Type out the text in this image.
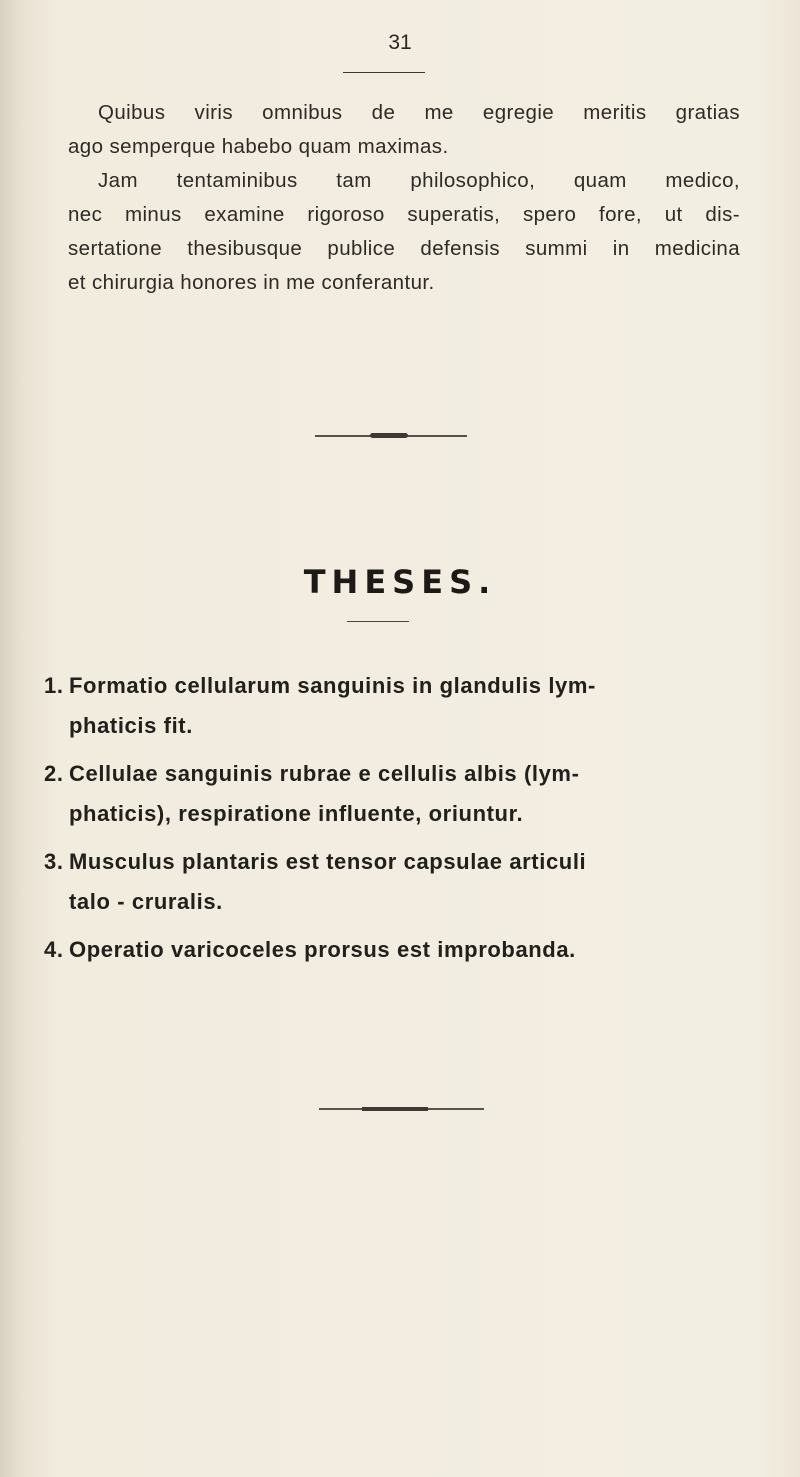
31
Quibus viris omnibus de me egregie meritis gratias
ago semperque habebo quam maximas.
Jam tentaminibus tam philosophico, quam medico,
nec minus examine rigoroso superatis, spero fore, ut dis-
sertatione thesibusque publice defensis summi in medicina
et chirurgia honores in me conferantur.
THESES.
1. Formatio cellularum sanguinis in glandulis lym-
phaticis fit.
2. Cellulae sanguinis rubrae e cellulis albis (lym-
phaticis), respiratione influente, oriuntur.
3. Musculus plantaris est tensor capsulae articuli
talo - cruralis.
4. Operatio varicoceles prorsus est improbanda.
